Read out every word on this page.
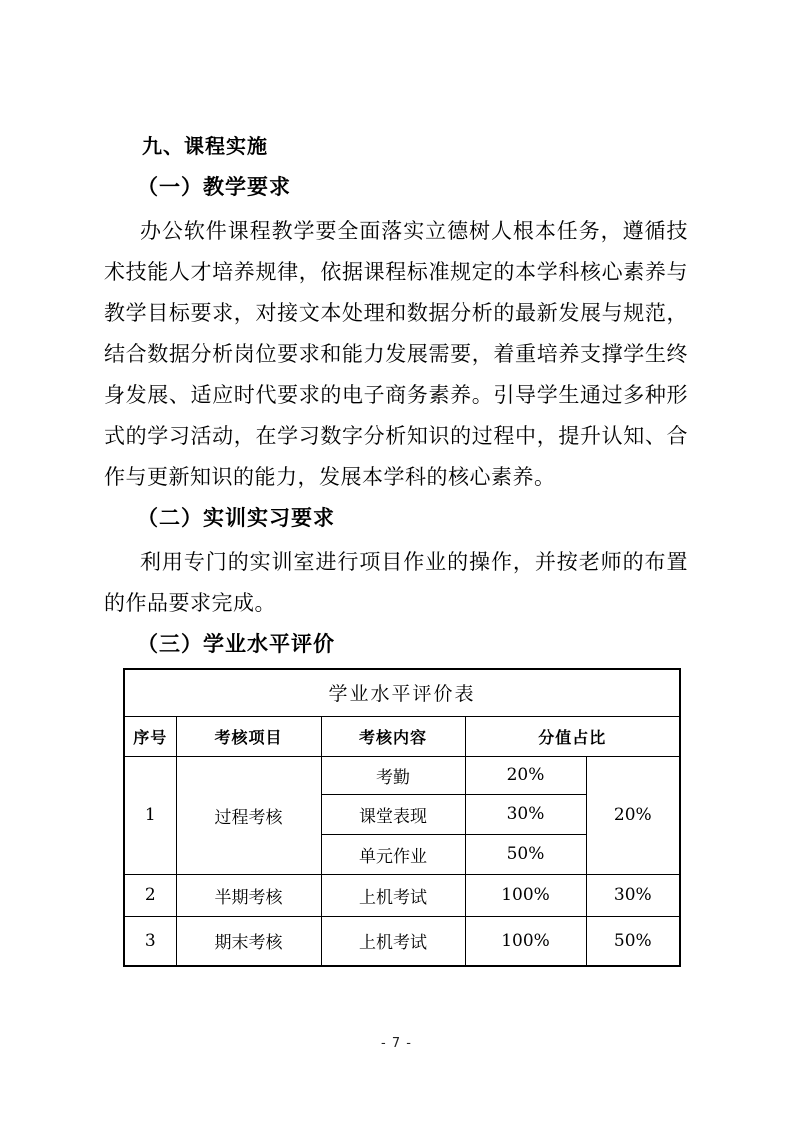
九、课程实施
（一）教学要求

办公软件课程教学要全面落实立德树人根本任务，遵循技术技能人才培养规律，依据课程标准规定的本学科核心素养与教学目标要求，对接文本处理和数据分析的最新发展与规范，结合数据分析岗位要求和能力发展需要，着重培养支撑学生终身发展、适应时代要求的电子商务素养。引导学生通过多种形式的学习活动，在学习数字分析知识的过程中，提升认知、合作与更新知识的能力，发展本学科的核心素养。

（二）实训实习要求

利用专门的实训室进行项目作业的操作，并按老师的布置的作品要求完成。

（三）学业水平评价
学业水平评价表				
序号	考核项目	考核内容	分值占比	
1	过程考核	考勤	20%	20%
		课堂表现	30%	
		单元作业	50%	
2	半期考核	上机考试	100%	30%
3	期末考核	上机考试	100%	50%
- 7 -
